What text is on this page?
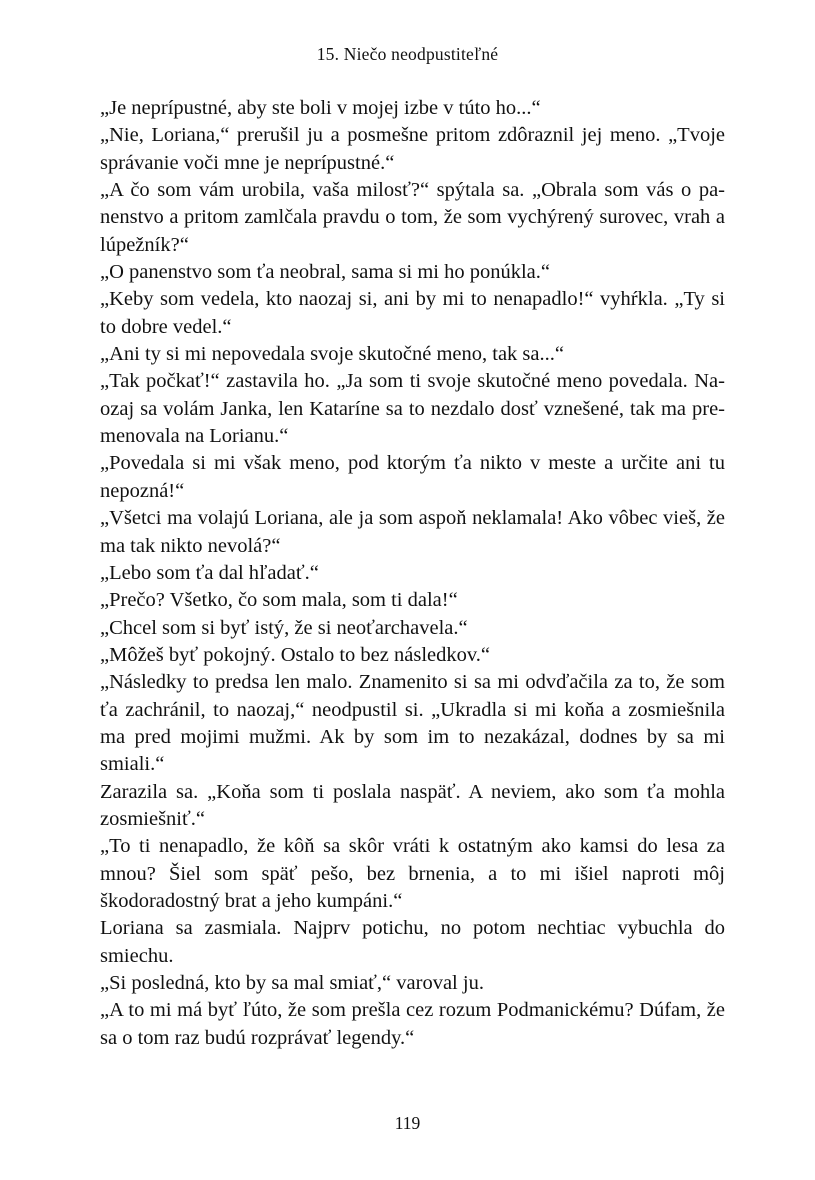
15. Niečo neodpustiteľné

„Je neprípustné, aby ste boli v mojej izbe v túto ho...“

„Nie, Loriana,“ prerušil ju a posmešne pritom zdôraznil jej meno. „Tvoje správanie voči mne je neprípustné.“

„A čo som vám urobila, vaša milosť?“ spýtala sa. „Obrala som vás o panenstvo a pritom zamlčala pravdu o tom, že som vychýrený surovec, vrah a lúpežník?“

„O panenstvo som ťa neobral, sama si mi ho ponúkla.“

„Keby som vedela, kto naozaj si, ani by mi to nenapadlo!“ vyhŕkla. „Ty si to dobre vedel.“

„Ani ty si mi nepovedala svoje skutočné meno, tak sa...“

„Tak počkať!“ zastavila ho. „Ja som ti svoje skutočné meno povedala. Naozaj sa volám Janka, len Kataríne sa to nezdalo dosť vznešené, tak ma premenovala na Lorianu.“

„Povedala si mi však meno, pod ktorým ťa nikto v meste a určite ani tu nepozná!“

„Všetci ma volajú Loriana, ale ja som aspoň neklamala! Ako vôbec vieš, že ma tak nikto nevolá?“

„Lebo som ťa dal hľadať.“

„Prečo? Všetko, čo som mala, som ti dala!“

„Chcel som si byť istý, že si neoťarchavela.“

„Môžeš byť pokojný. Ostalo to bez následkov.“

„Následky to predsa len malo. Znamenito si sa mi odvďačila za to, že som ťa zachránil, to naozaj,“ neodpustil si. „Ukradla si mi koňa a zosmiešnila ma pred mojimi mužmi. Ak by som im to nezakázal, dodnes by sa mi smiali.“

Zarazila sa. „Koňa som ti poslala naspäť. A neviem, ako som ťa mohla zosmiešniť.“

„To ti nenapadlo, že kôň sa skôr vráti k ostatným ako kamsi do lesa za mnou? Šiel som späť pešo, bez brnenia, a to mi išiel naproti môj škodoradostný brat a jeho kumpáni.“

Loriana sa zasmiala. Najprv potichu, no potom nechtiac vybuchla do smiechu.

„Si posledná, kto by sa mal smiať,“ varoval ju.

„A to mi má byť ľúto, že som prešla cez rozum Podmanickému? Dúfam, že sa o tom raz budú rozprávať legendy.“

119
